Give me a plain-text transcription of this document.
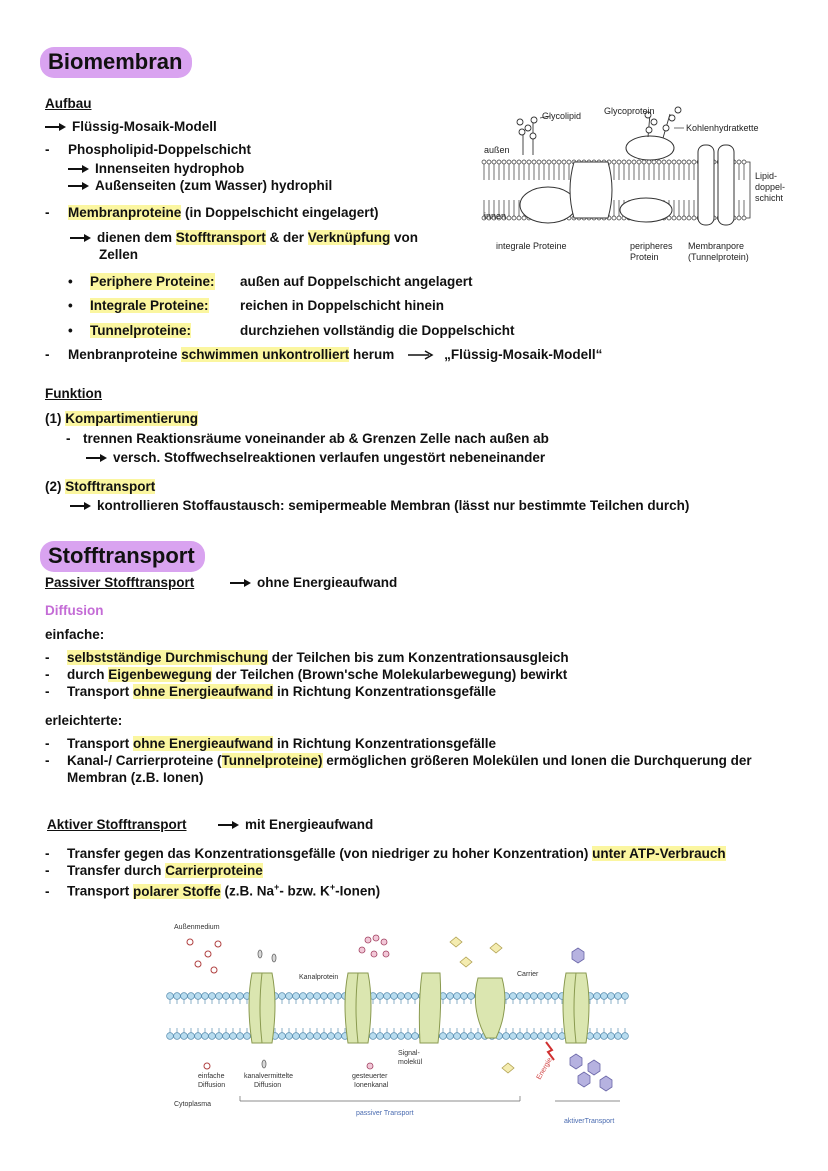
Biomembran
Aufbau
Flüssig-Mosaik-Modell
- Phospholipid-Doppelschicht
Innenseiten hydrophob
Außenseiten (zum Wasser) hydrophil
- Membranproteine (in Doppelschicht eingelagert)
dienen dem Stofftransport & der Verknüpfung von
Zellen
• Periphere Proteine: außen auf Doppelschicht angelagert
• Integrale Proteine: reichen in Doppelschicht hinein
• Tunnelproteine:	durchziehen vollständig die Doppelschicht
- Menbranproteine schwimmen unkontrolliert herum	„Flüssig-Mosaik-Modell“
Glycolipid	Glycoprotein
Kohlenhydratkette
außen
innen
Lipid-
doppel-
schicht
integrale Proteine	peripheres
Protein
Membranpore
(Tunnelprotein)
Funktion
(1) Kompartimentierung
- trennen Reaktionsräume voneinander ab & Grenzen Zelle nach außen ab
versch. Stoffwechselreaktionen verlaufen ungestört nebeneinander
(2) Stofftransport
kontrollieren Stoffaustausch: semipermeable Membran (lässt nur bestimmte Teilchen durch)
Stofftransport
Passiver Stofftransport	ohne Energieaufwand
Diffusion
einfache:
- selbstständige Durchmischung der Teilchen bis zum Konzentrationsausgleich
- durch Eigenbewegung der Teilchen (Brown'sche Molekularbewegung) bewirkt
- Transport ohne Energieaufwand in Richtung Konzentrationsgefälle
erleichterte:
- Transport ohne Energieaufwand in Richtung Konzentrationsgefälle
- Kanal-/ Carrierproteine (Tunnelproteine) ermöglichen größeren Molekülen und Ionen die Durchquerung der
Membran (z.B. Ionen)
Aktiver Stofftransport	mit Energieaufwand
- Transfer gegen das Konzentrationsgefälle (von niedriger zu hoher Konzentration) unter ATP-Verbrauch
- Transfer durch Carrierproteine
- Transport polarer Stoffe (z.B. Na+- bzw. K+-Ionen)
Außenmedium
Kanalprotein	Carrier
Signal-
molekül
einfache
Diffusion
kanalvermittelte
Diffusion
gesteuerter
Ionenkanal
Cytoplasma
passiver Transport
aktiverTransport
Energie
